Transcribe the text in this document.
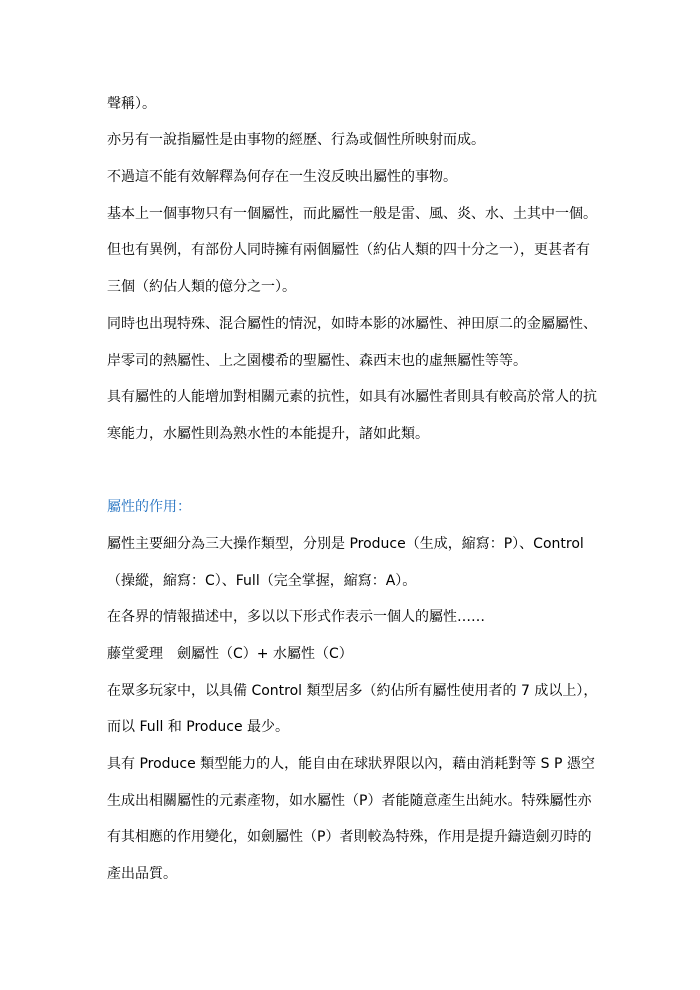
聲稱）。
亦另有一說指屬性是由事物的經歷、行為或個性所映射而成。
不過這不能有效解釋為何存在一生沒反映出屬性的事物。
基本上一個事物只有一個屬性，而此屬性一般是雷、風、炎、水、土其中一個。
但也有異例，有部份人同時擁有兩個屬性（約佔人類的四十分之一），更甚者有
三個（約佔人類的億分之一）。
同時也出現特殊、混合屬性的情況，如時本影的冰屬性、神田原二的金屬屬性、
岸零司的熱屬性、上之園樓希的聖屬性、森西末也的虛無屬性等等。
具有屬性的人能增加對相關元素的抗性，如具有冰屬性者則具有較高於常人的抗
寒能力，水屬性則為熟水性的本能提升，諸如此類。
屬性的作用：
屬性主要細分為三大操作類型，分別是 Produce（生成，縮寫：P）、Control
（操縱，縮寫：C）、Full（完全掌握，縮寫：A）。
在各界的情報描述中，多以以下形式作表示一個人的屬性……
藤堂愛理　劍屬性（C）+ 水屬性（C）
在眾多玩家中，以具備 Control 類型居多（約佔所有屬性使用者的 7 成以上），
而以 Full 和 Produce 最少。
具有 Produce 類型能力的人，能自由在球狀界限以內，藉由消耗對等 S P 憑空
生成出相關屬性的元素產物，如水屬性（P）者能隨意產生出純水。特殊屬性亦
有其相應的作用變化，如劍屬性（P）者則較為特殊，作用是提升鑄造劍刃時的
產出品質。
